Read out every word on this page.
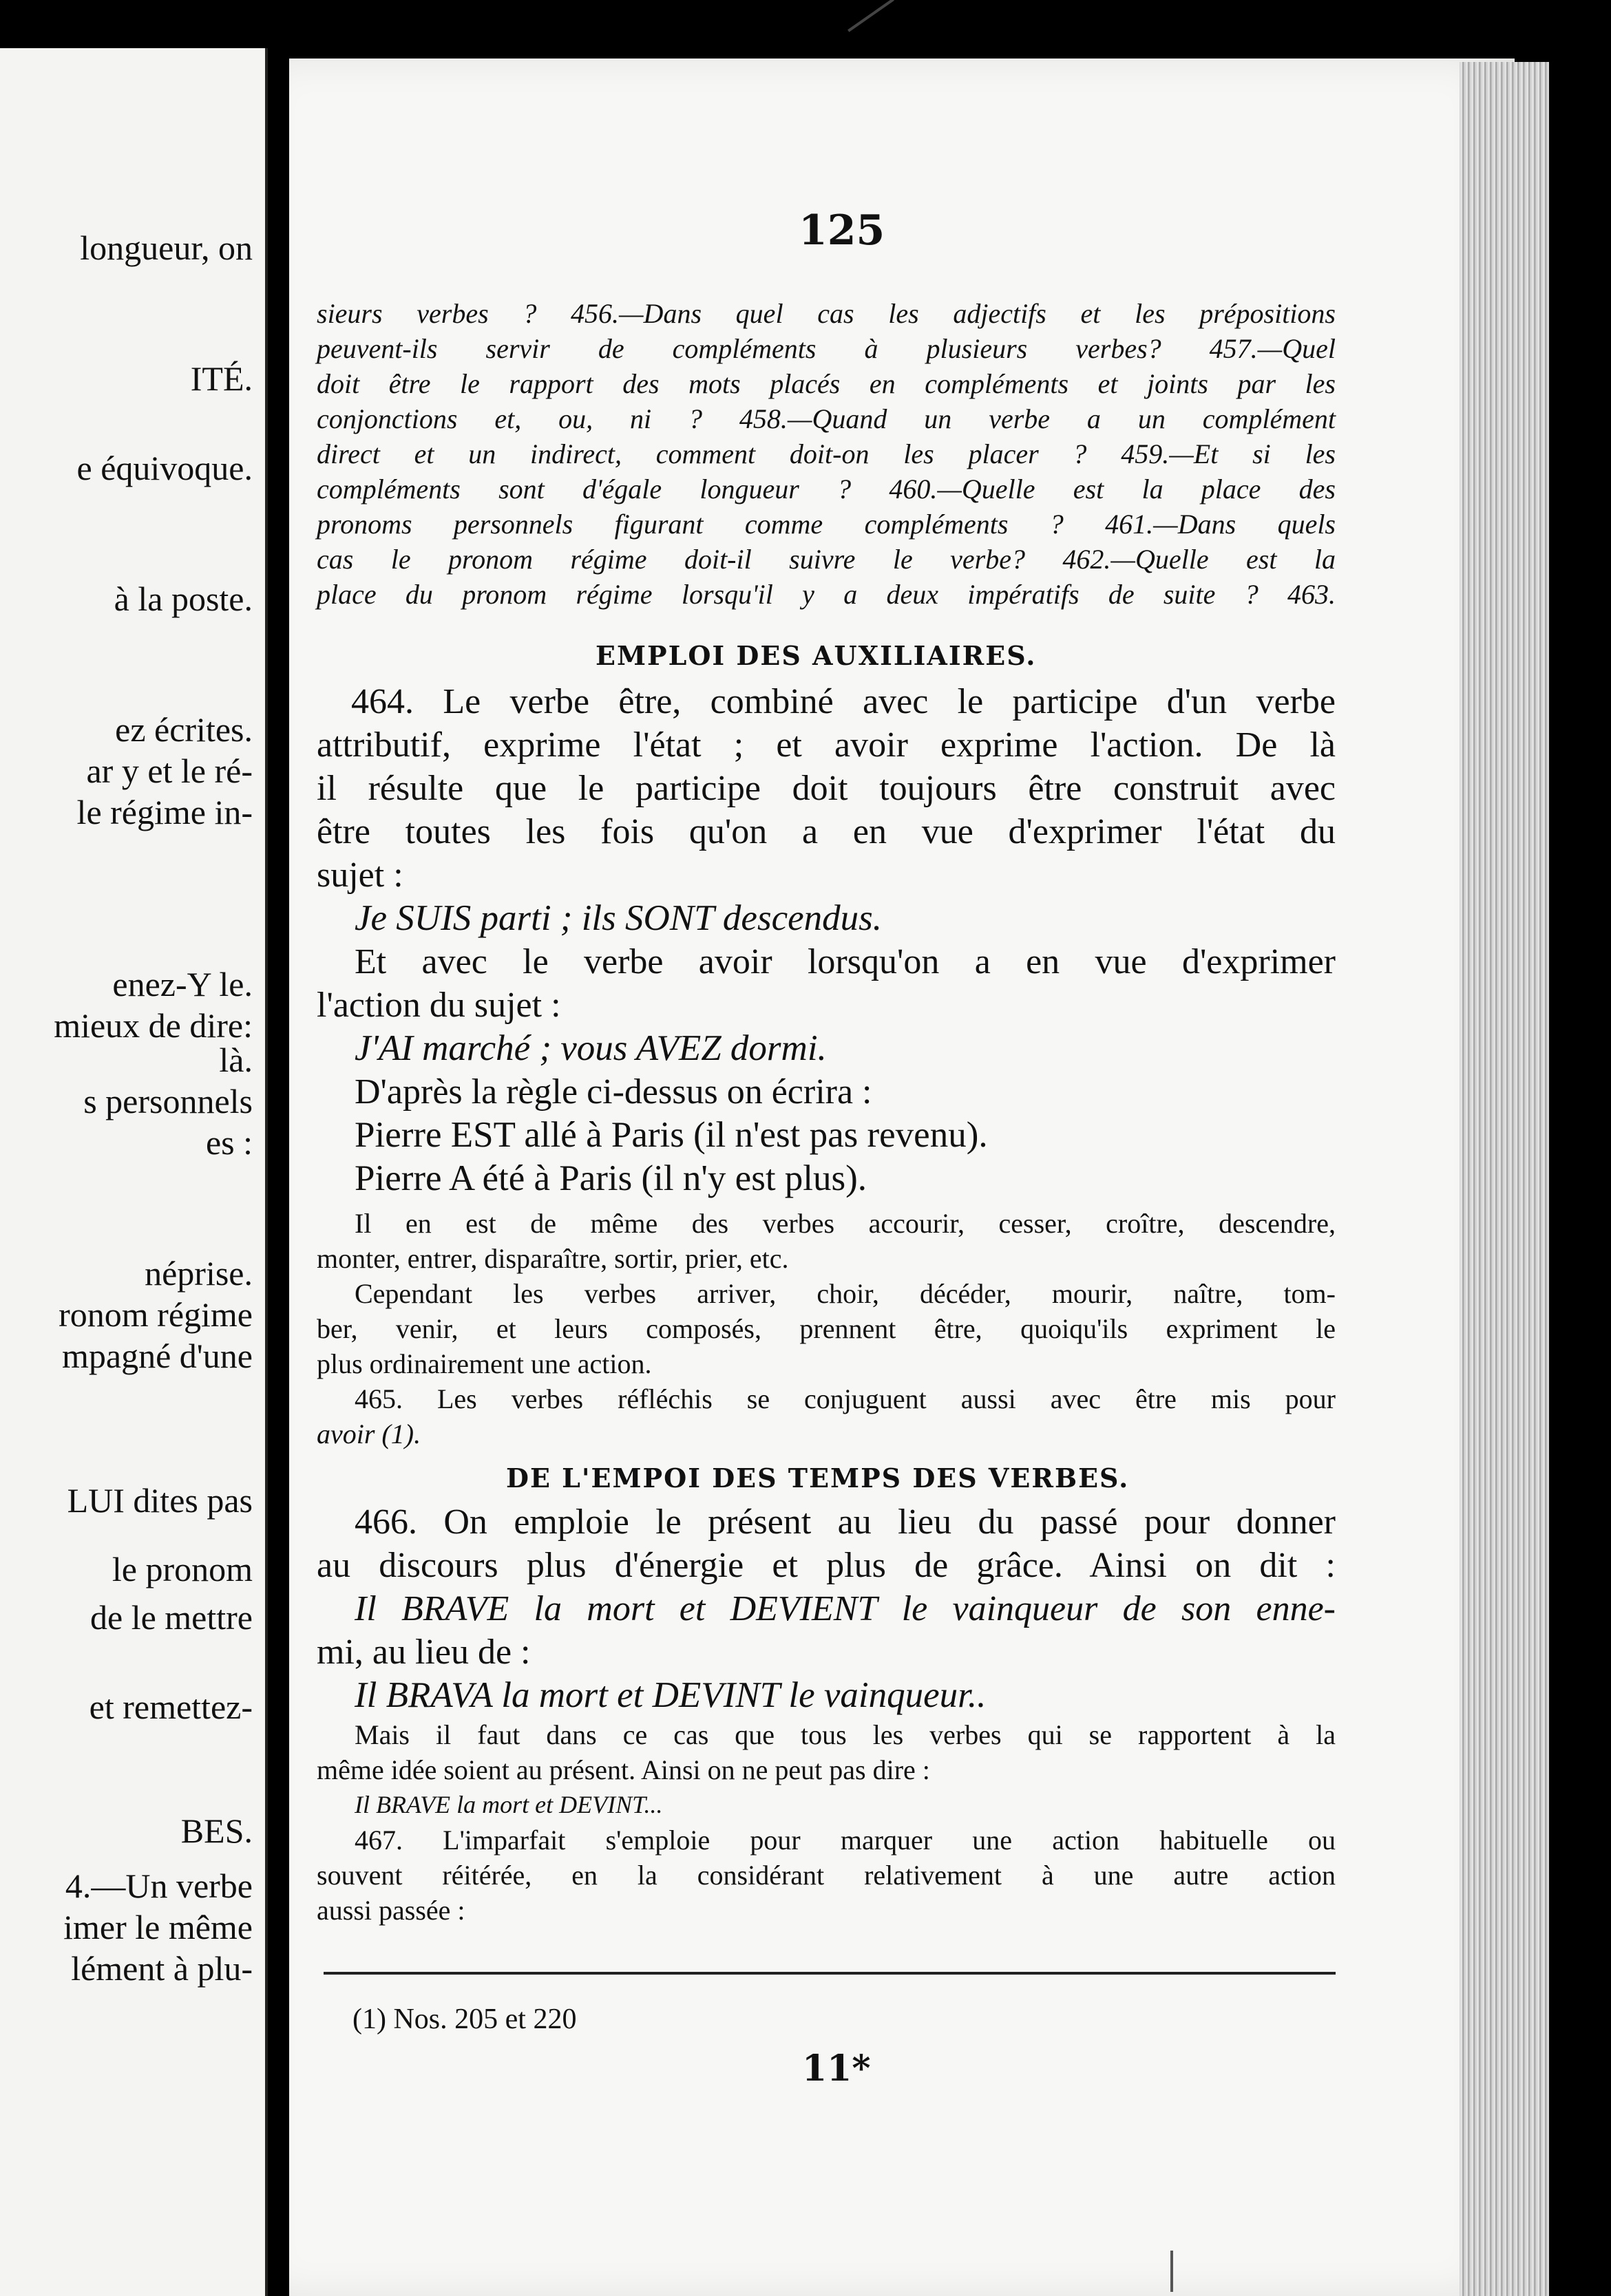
longueur, on
ITÉ.
e équivoque.
à la poste.
ez écrites.
ar y et le ré-
le régime in-
enez-Y le.
mieux de dire:
là.
s personnels
es :
néprise.
ronom régime
mpagné d'une
LUI dites pas
le pronom
de le mettre
et remettez-
BES.
4.—Un verbe
imer le même
lément à plu-
125
sieurs verbes ? 456.—Dans quel cas les adjectifs et les prépositions
peuvent-ils servir de compléments à plusieurs verbes? 457.—Quel
doit être le rapport des mots placés en compléments et joints par les
conjonctions et, ou, ni ? 458.—Quand un verbe a un complément
direct et un indirect, comment doit-on les placer ? 459.—Et si les
compléments sont d'égale longueur ? 460.—Quelle est la place des
pronoms personnels figurant comme compléments ? 461.—Dans quels
cas le pronom régime doit-il suivre le verbe? 462.—Quelle est la
place du pronom régime lorsqu'il y a deux impératifs de suite ? 463.
EMPLOI DES AUXILIAIRES.
464. Le verbe être, combiné avec le participe d'un verbe
attributif, exprime l'état ; et avoir exprime l'action. De là
il résulte que le participe doit toujours être construit avec
être toutes les fois qu'on a en vue d'exprimer l'état du
sujet :
Je SUIS parti ; ils SONT descendus.
Et avec le verbe avoir lorsqu'on a en vue d'exprimer
l'action du sujet :
J'AI marché ; vous AVEZ dormi.
D'après la règle ci-dessus on écrira :
Pierre EST allé à Paris (il n'est pas revenu).
Pierre A été à Paris (il n'y est plus).
Il en est de même des verbes accourir, cesser, croître, descendre,
monter, entrer, disparaître, sortir, prier, etc.
Cependant les verbes arriver, choir, décéder, mourir, naître, tom-
ber, venir, et leurs composés, prennent être, quoiqu'ils expriment le
plus ordinairement une action.
465. Les verbes réfléchis se conjuguent aussi avec être mis pour
avoir (1).
DE L'EMPOI DES TEMPS DES VERBES.
466. On emploie le présent au lieu du passé pour donner
au discours plus d'énergie et plus de grâce. Ainsi on dit :
Il BRAVE la mort et DEVIENT le vainqueur de son enne-
mi, au lieu de :
Il BRAVA la mort et DEVINT le vainqueur..
Mais il faut dans ce cas que tous les verbes qui se rapportent à la
même idée soient au présent. Ainsi on ne peut pas dire :
Il BRAVE la mort et DEVINT...
467. L'imparfait s'emploie pour marquer une action habituelle ou
souvent réitérée, en la considérant relativement à une autre action
aussi passée :
(1) Nos. 205 et 220
11*
